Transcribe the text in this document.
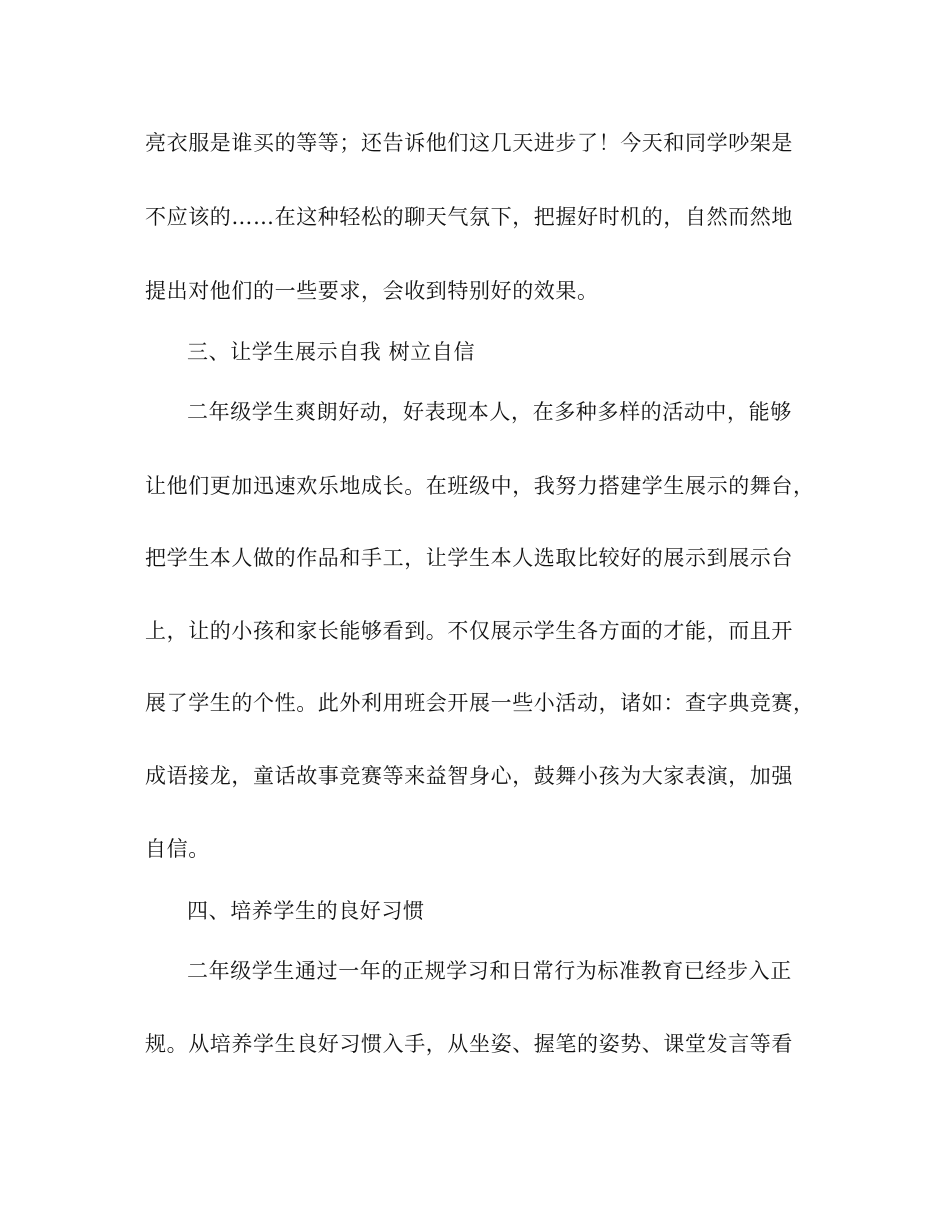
亮衣服是谁买的等等；还告诉他们这几天进步了！今天和同学吵架是
不应该的……在这种轻松的聊天气氛下，把握好时机的，自然而然地
提出对他们的一些要求，会收到特别好的效果。
三、让学生展示自我 树立自信
二年级学生爽朗好动，好表现本人，在多种多样的活动中，能够
让他们更加迅速欢乐地成长。在班级中，我努力搭建学生展示的舞台，
把学生本人做的作品和手工，让学生本人选取比较好的展示到展示台
上，让的小孩和家长能够看到。不仅展示学生各方面的才能，而且开
展了学生的个性。此外利用班会开展一些小活动，诸如：查字典竞赛，
成语接龙，童话故事竞赛等来益智身心，鼓舞小孩为大家表演，加强
自信。
四、培养学生的良好习惯
二年级学生通过一年的正规学习和日常行为标准教育已经步入正
规。从培养学生良好习惯入手，从坐姿、握笔的姿势、课堂发言等看
